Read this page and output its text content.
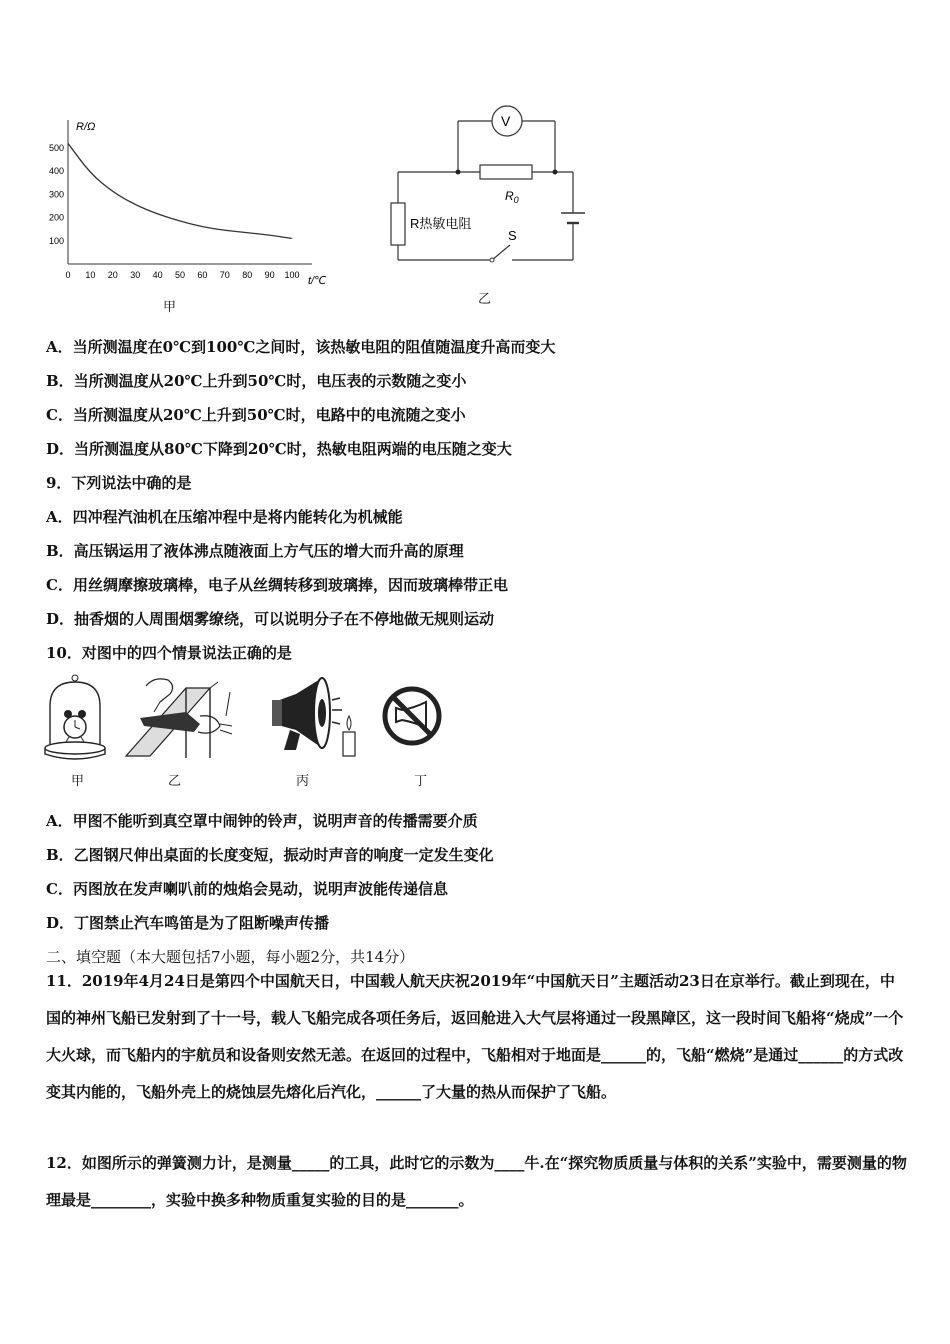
R/Ω
t/℃
0 10 20 30 40 50 60 70 80 90 100
100
200
300
400
500
甲
V
$R_0$
R热敏电阻
S
乙
A．当所测温度在0℃到100℃之间时，该热敏电阻的阻值随温度升高而变大
B．当所测温度从20℃上升到50℃时，电压表的示数随之变小
C．当所测温度从20℃上升到50℃时，电路中的电流随之变小
D．当所测温度从80℃下降到20℃时，热敏电阻两端的电压随之变大
9．下列说法中确的是
A．四冲程汽油机在压缩冲程中是将内能转化为机械能
B．高压锅运用了液体沸点随液面上方气压的增大而升高的原理
C．用丝绸摩擦玻璃棒，电子从丝绸转移到玻璃捧，因而玻璃棒带正电
D．抽香烟的人周围烟雾缭绕，可以说明分子在不停地做无规则运动
10．对图中的四个情景说法正确的是
甲	乙	丙	丁
A．甲图不能听到真空罩中闹钟的铃声，说明声音的传播需要介质
B．乙图钢尺伸出桌面的长度变短，振动时声音的响度一定发生变化
C．丙图放在发声喇叭前的烛焰会晃动，说明声波能传递信息
D．丁图禁止汽车鸣笛是为了阻断噪声传播
二、填空题（本大题包括7小题，每小题2分，共14分）
11．2019年4月24日是第四个中国航天日，中国载人航天庆祝2019年“中国航天日”主题活动23日在京举行。截止到现在，中国的神州飞船已发射到了十一号，载人飞船完成各项任务后，返回舱进入大气层将通过一段黑障区，这一段时间飞船将“烧成”一个大火球，而飞船内的宇航员和设备则安然无恙。在返回的过程中，飞船相对于地面是______的，飞船“燃烧”是通过______的方式改变其内能的，飞船外壳上的烧蚀层先熔化后汽化，______了大量的热从而保护了飞船。
12．如图所示的弹簧测力计，是测量_____的工具，此时它的示数为____牛.在“探究物质质量与体积的关系”实验中，需要测量的物理最是________，实验中换多种物质重复实验的目的是_______。
